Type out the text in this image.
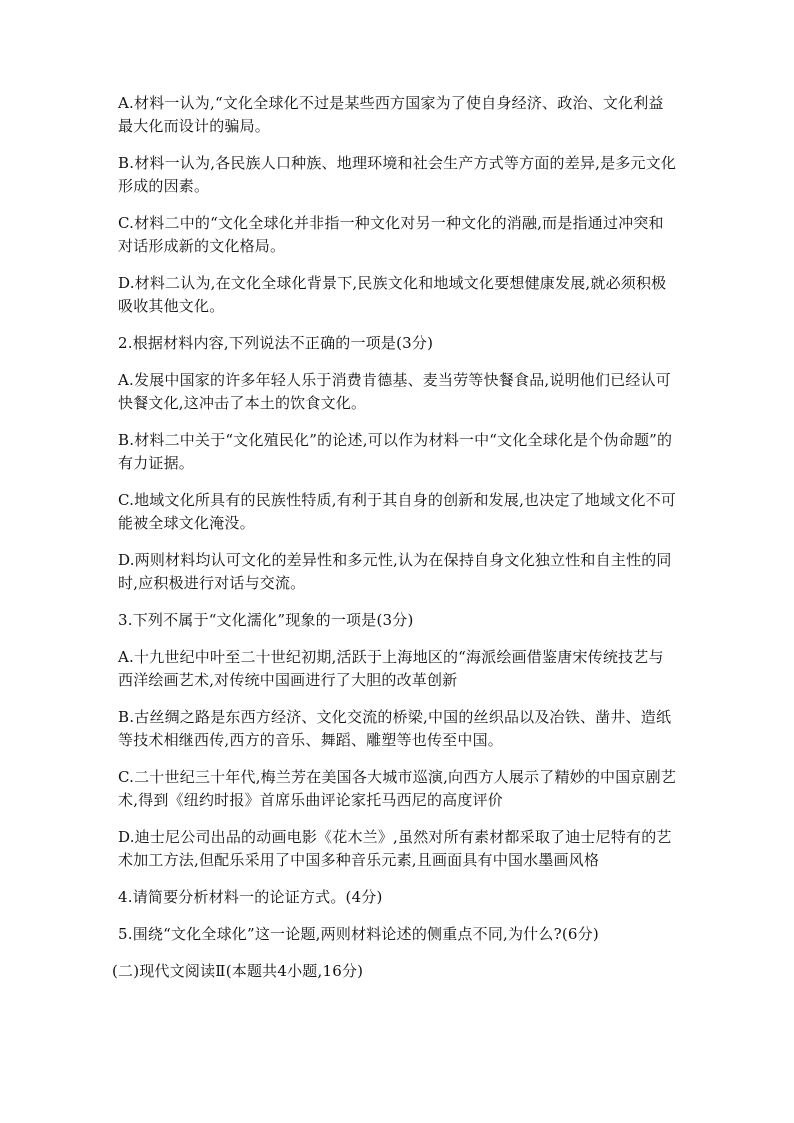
A.材料一认为,“文化全球化不过是某些西方国家为了使自身经济、政治、文化利益最大化而设计的骗局。

B.材料一认为,各民族人口种族、地理环境和社会生产方式等方面的差异,是多元文化形成的因素。

C.材料二中的“文化全球化并非指一种文化对另一种文化的消融,而是指通过冲突和对话形成新的文化格局。

D.材料二认为,在文化全球化背景下,民族文化和地域文化要想健康发展,就必须积极吸收其他文化。

2.根据材料内容,下列说法不正确的一项是(3分)

A.发展中国家的许多年轻人乐于消费肯德基、麦当劳等快餐食品,说明他们已经认可快餐文化,这冲击了本土的饮食文化。

B.材料二中关于“文化殖民化”的论述,可以作为材料一中“文化全球化是个伪命题”的有力证据。

C.地域文化所具有的民族性特质,有利于其自身的创新和发展,也决定了地域文化不可能被全球文化淹没。

D.两则材料均认可文化的差异性和多元性,认为在保持自身文化独立性和自主性的同时,应积极进行对话与交流。

3.下列不属于“文化濡化”现象的一项是(3分)

A.十九世纪中叶至二十世纪初期,活跃于上海地区的“海派绘画借鉴唐宋传统技艺与西洋绘画艺术,对传统中国画进行了大胆的改革创新

B.古丝绸之路是东西方经济、文化交流的桥梁,中国的丝织品以及冶铁、凿井、造纸等技术相继西传,西方的音乐、舞蹈、雕塑等也传至中国。

C.二十世纪三十年代,梅兰芳在美国各大城市巡演,向西方人展示了精妙的中国京剧艺术,得到《纽约时报》首席乐曲评论家托马西尼的高度评价

D.迪士尼公司出品的动画电影《花木兰》,虽然对所有素材都采取了迪士尼特有的艺术加工方法,但配乐采用了中国多种音乐元素,且画面具有中国水墨画风格

4.请简要分析材料一的论证方式。(4分)

5.围绕“文化全球化”这一论题,两则材料论述的侧重点不同,为什么?(6分)

(二)现代文阅读Ⅱ(本题共4小题,16分)
